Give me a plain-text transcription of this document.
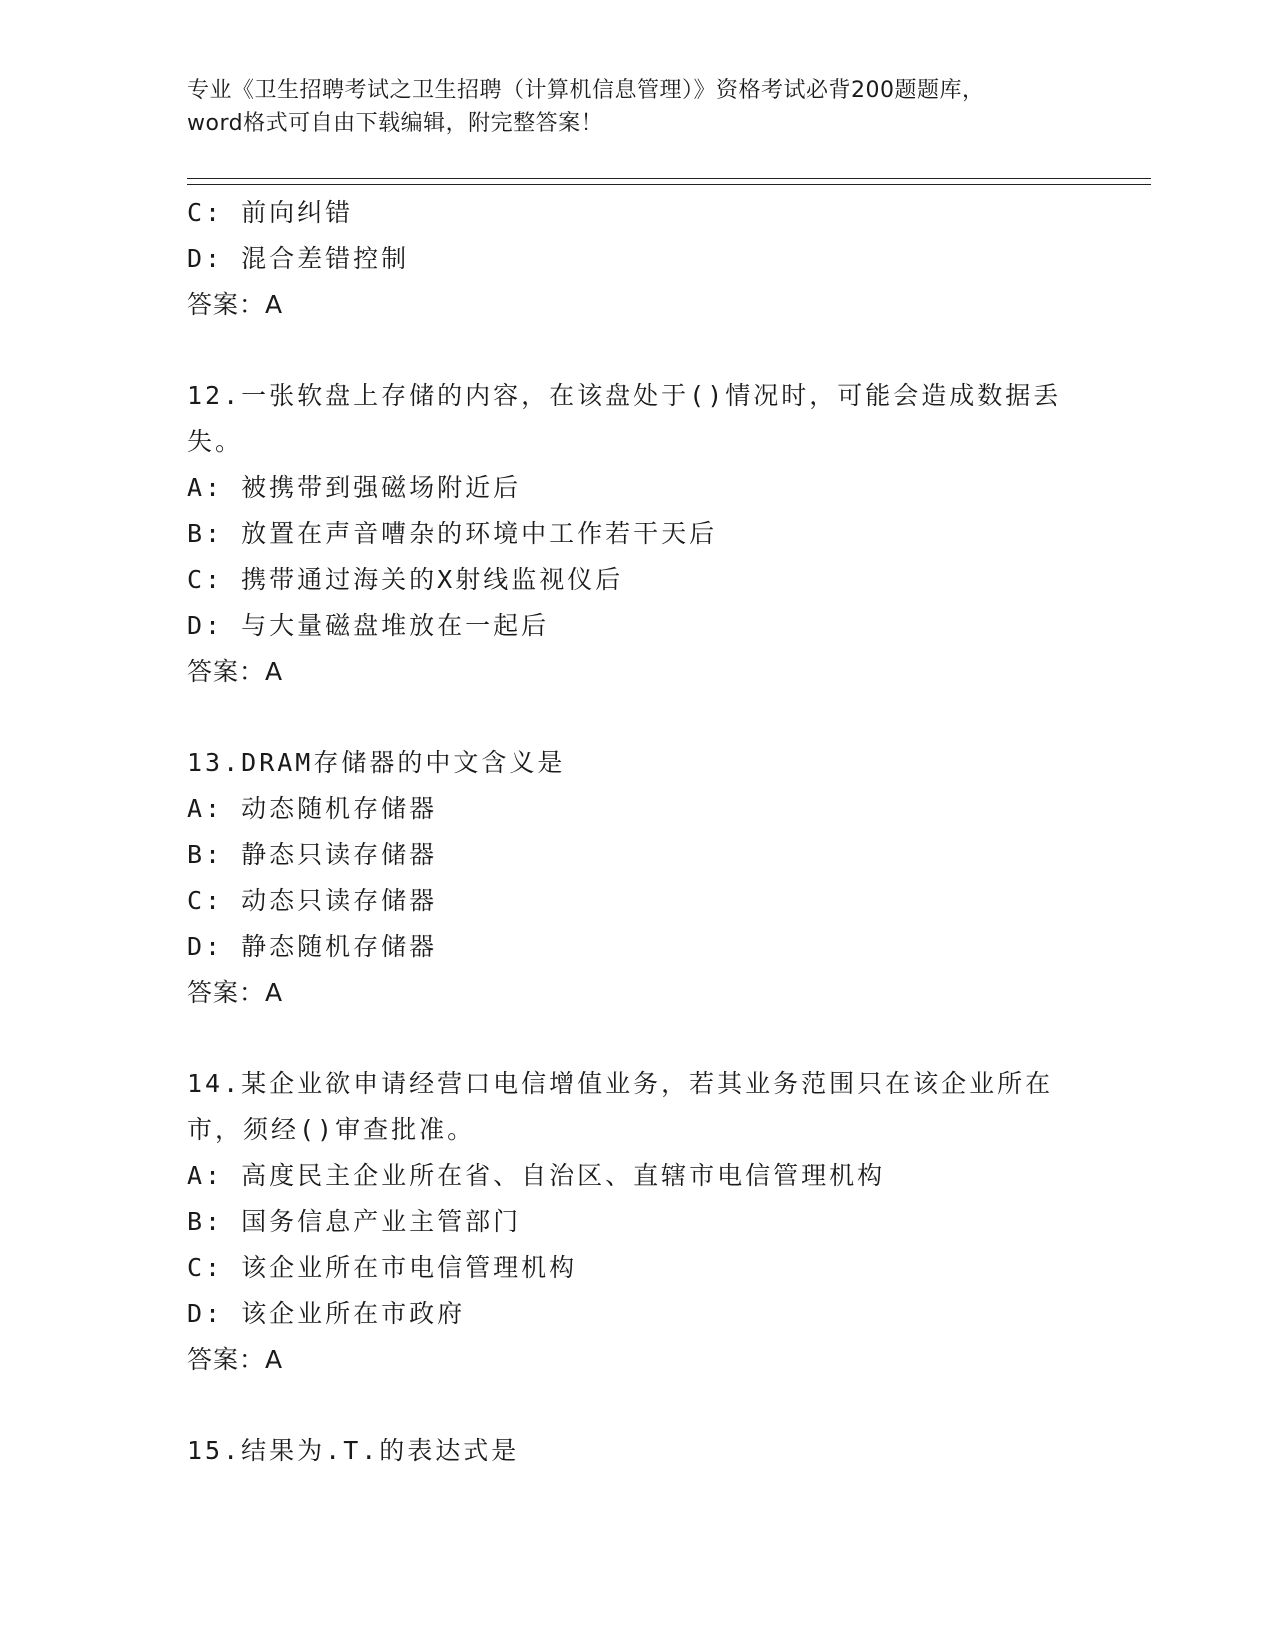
专业《卫生招聘考试之卫生招聘（计算机信息管理）》资格考试必背200题题库，
word格式可自由下载编辑，附完整答案！
C: 前向纠错
D: 混合差错控制
答案：A
12.一张软盘上存储的内容，在该盘处于()情况时，可能会造成数据丢失。
A: 被携带到强磁场附近后
B: 放置在声音嘈杂的环境中工作若干天后
C: 携带通过海关的X射线监视仪后
D: 与大量磁盘堆放在一起后
答案：A
13.DRAM存储器的中文含义是
A: 动态随机存储器
B: 静态只读存储器
C: 动态只读存储器
D: 静态随机存储器
答案：A
14.某企业欲申请经营口电信增值业务，若其业务范围只在该企业所在市，须经()审查批准。
A: 高度民主企业所在省、自治区、直辖市电信管理机构
B: 国务信息产业主管部门
C: 该企业所在市电信管理机构
D: 该企业所在市政府
答案：A
15.结果为.T.的表达式是
